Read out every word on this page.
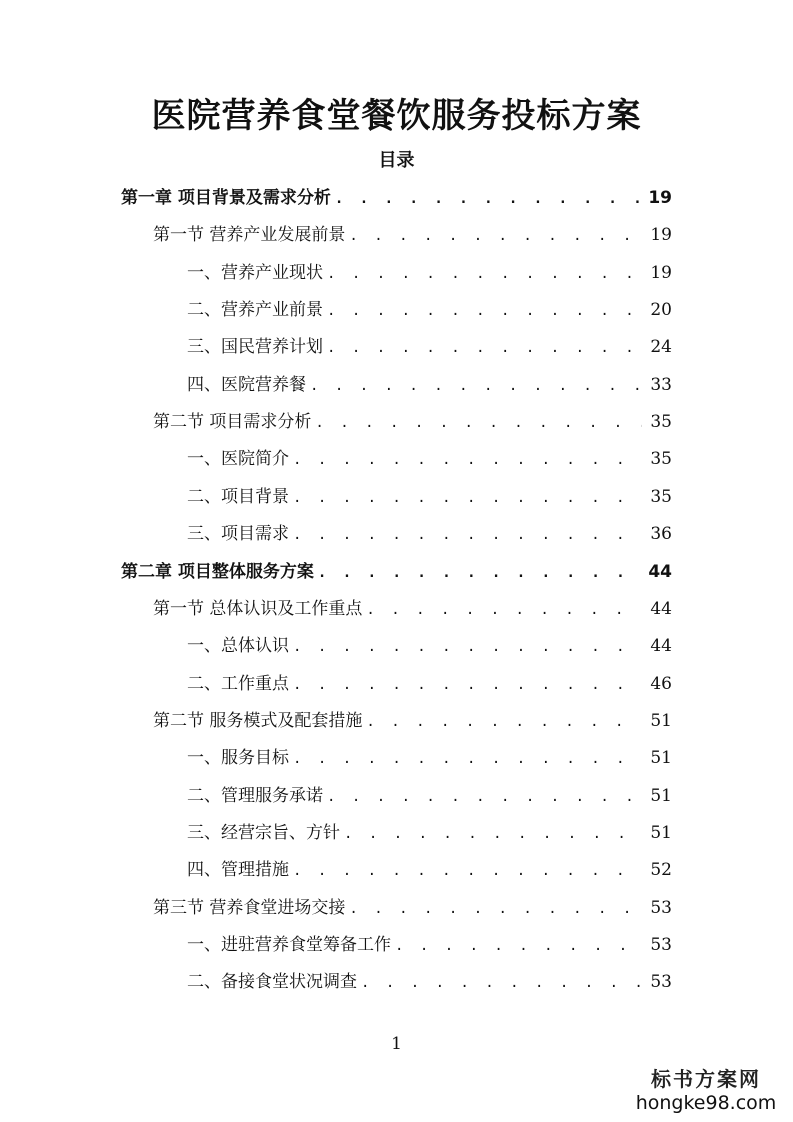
医院营养食堂餐饮服务投标方案
目录
第一章 项目背景及需求分析 . . .	19
第一节 营养产业发展前景 . . .	19
一、营养产业现状 . . .	19
二、营养产业前景 . . .	20
三、国民营养计划 . . .	24
四、医院营养餐 . . .	33
第二节 项目需求分析 . . .	35
一、医院简介 . . .	35
二、项目背景 . . .	35
三、项目需求 . . .	36
第二章 项目整体服务方案 . . .	44
第一节 总体认识及工作重点 . . .	44
一、总体认识 . . .	44
二、工作重点 . . .	46
第二节 服务模式及配套措施 . . .	51
一、服务目标 . . .	51
二、管理服务承诺 . . .	51
三、经营宗旨、方针 . . .	51
四、管理措施 . . .	52
第三节 营养食堂进场交接 . . .	53
一、进驻营养食堂筹备工作 . . .	53
二、备接食堂状况调查 . . .	53
1
标书方案网
hongke98.com
